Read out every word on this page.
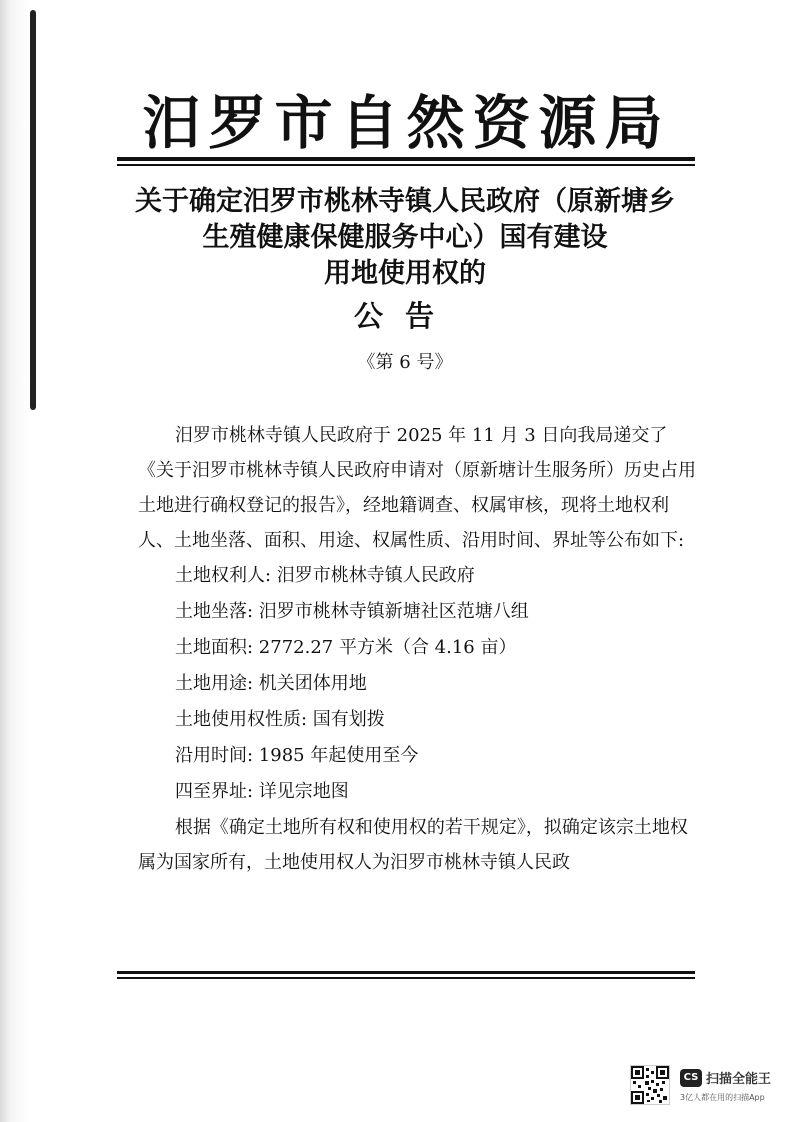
汨罗市自然资源局
关于确定汨罗市桃林寺镇人民政府（原新塘乡
生殖健康保健服务中心）国有建设
用地使用权的
公告
《第 6 号》

汨罗市桃林寺镇人民政府于 2025 年 11 月 3 日向我局递交了《关于汨罗市桃林寺镇人民政府申请对（原新塘计生服务所）历史占用土地进行确权登记的报告》，经地籍调查、权属审核，现将土地权利人、土地坐落、面积、用途、权属性质、沿用时间、界址等公布如下:

土地权利人: 汨罗市桃林寺镇人民政府

土地坐落: 汨罗市桃林寺镇新塘社区范塘八组

土地面积: 2772.27 平方米（合 4.16 亩）

土地用途: 机关团体用地

土地使用权性质: 国有划拨

沿用时间: 1985 年起使用至今

四至界址: 详见宗地图

根据《确定土地所有权和使用权的若干规定》，拟确定该宗土地权属为国家所有，土地使用权人为汨罗市桃林寺镇人民政

CS 扫描全能王
3亿人都在用的扫描App
